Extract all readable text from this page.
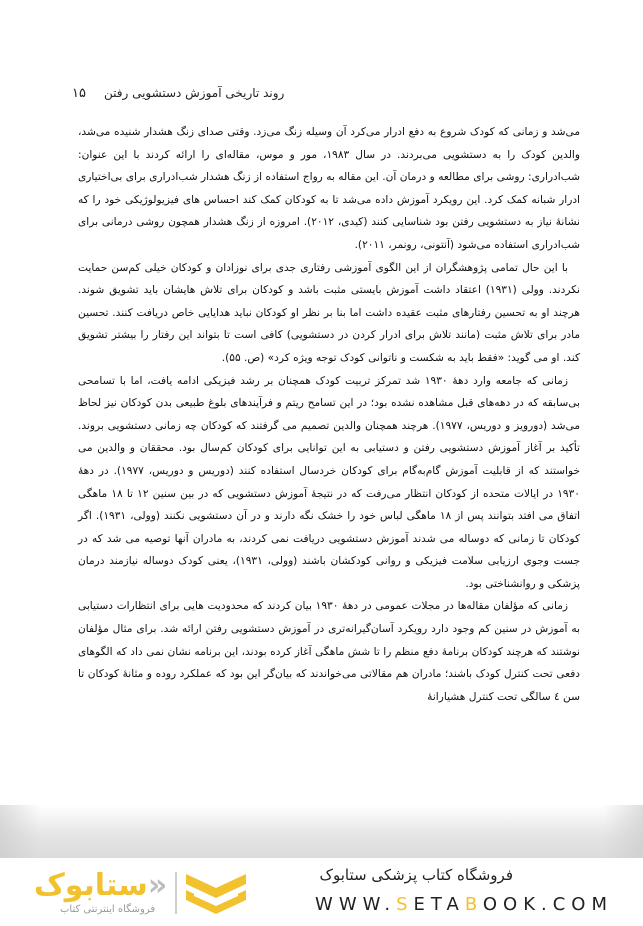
روند تاریخی آموزش دستشویی رفتن
۱۵

می‌شد و زمانی که کودک شروع به دفع ادرار می‌کرد آن وسیله زنگ می‌زد. وقتی صدای زنگ هشدار شنیده می‌شد، والدین کودک را به دستشویی می‌بردند. در سال ۱۹۸۳، مور و موس، مقاله‌ای را ارائه کردند با این عنوان: شب‌ادراری: روشی برای مطالعه و درمان آن. این مقاله به رواج استفاده از زنگ هشدار شب‌ادراری برای بی‌اختیاری ادرار شبانه کمک کرد. این رویکرد آموزش داده می‌شد تا به کودکان کمک کند احساس های فیزیولوژیکی خود را که نشانهٔ نیاز به دستشویی رفتن بود شناسایی کنند (کیدی، ۲۰۱۲). امروزه از زنگ هشدار همچون روشی درمانی برای شب‌ادراری استفاده می‌شود (آنتونی، رونمر، ۲۰۱۱).

با این حال تمامی پژوهشگران از این الگوی آموزشی رفتاری جدی برای نوزادان و کودکان خیلی کم‌سن حمایت نکردند. وولی (۱۹۳۱) اعتقاد داشت آموزش بایستی مثبت باشد و کودکان برای تلاش هایشان باید تشویق شوند. هرچند او به تحسین رفتارهای مثبت عقیده داشت اما بنا بر نظر او کودکان نباید هدایایی خاص دریافت کنند. تحسین مادر برای تلاش مثبت (مانند تلاش برای ادرار کردن در دستشویی) کافی است تا بتواند این رفتار را بیشتر تشویق کند. او می گوید: «فقط باید به شکست و ناتوانی کودک توجه ویژه کرد» (ص. ۵۵).

زمانی که جامعه وارد دههٔ ۱۹۳۰ شد تمرکز تربیت کودک همچنان بر رشد فیزیکی ادامه یافت، اما با تسامحی بی‌سابقه که در دهه‌های قبل مشاهده نشده بود؛ در این تسامح ریتم و فرآیندهای بلوغ طبیعی بدن کودکان نیز لحاظ می‌شد (دورویز و دوریس، ۱۹۷۷). هرچند همچنان والدین تصمیم می گرفتند که کودکان چه زمانی دستشویی بروند. تأکید بر آغاز آموزش دستشویی رفتن و دستیابی به این توانایی برای کودکان کم‌سال بود. محققان و والدین می خواستند که از قابلیت آموزش گام‌به‌گام برای کودکان خردسال استفاده کنند (دوریس و دوریس، ۱۹۷۷). در دههٔ ۱۹۳۰ در ایالات متحده از کودکان انتظار می‌رفت که در نتیجهٔ آموزش دستشویی که در بین سنین ۱۲ تا ۱۸ ماهگی اتفاق می افتد بتوانند پس از ۱۸ ماهگی لباس خود را خشک نگه دارند و در آن دستشویی نکنند (وولی، ۱۹۳۱). اگر کودکان تا زمانی که دوساله می شدند آموزش دستشویی دریافت نمی کردند، به مادران آنها توصیه می شد که در جست وجوی ارزیابی سلامت فیزیکی و روانی کودکشان باشند (وولی، ۱۹۳۱)، یعنی کودک دوساله نیازمند درمان پزشکی و روانشناختی بود.

زمانی که مؤلفان مقاله‌ها در مجلات عمومی در دههٔ ۱۹۳۰ بیان کردند که محدودیت هایی برای انتظارات دستیابی به آموزش در سنین کم وجود دارد رویکرد آسان‌گیرانه‌تری در آموزش دستشویی رفتن ارائه شد. برای مثال مؤلفان نوشتند که هرچند کودکان برنامهٔ دفع منظم را تا شش ماهگی آغاز کرده بودند، این برنامه نشان نمی داد که الگوهای دفعی تحت کنترل کودک باشند؛ مادران هم مقالاتی می‌خواندند که بیان‌گر این بود که عملکرد روده و مثانهٔ کودکان تا سن ٤ سالگی تحت کنترل هشیارانهٔ

«ستابوک
فروشگاه اینترنتی کتاب
فروشگاه کتاب پزشکی ستابوک
WWW.SETABOOK.COM
